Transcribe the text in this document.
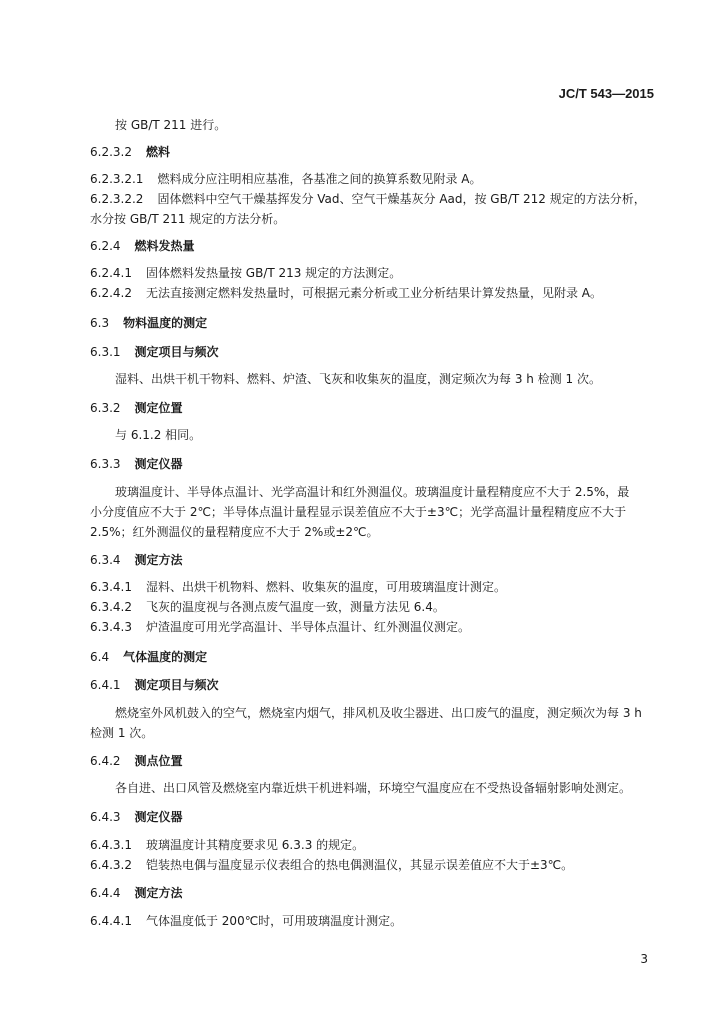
JC/T 543—2015
按 GB/T 211 进行。
6.2.3.2 燃料
6.2.3.2.1 燃料成分应注明相应基准，各基准之间的换算系数见附录 A。
6.2.3.2.2 固体燃料中空气干燥基挥发分 Vad、空气干燥基灰分 Aad，按 GB/T 212 规定的方法分析，
水分按 GB/T 211 规定的方法分析。
6.2.4 燃料发热量
6.2.4.1 固体燃料发热量按 GB/T 213 规定的方法测定。
6.2.4.2 无法直接测定燃料发热量时，可根据元素分析或工业分析结果计算发热量，见附录 A。
6.3 物料温度的测定
6.3.1 测定项目与频次
湿料、出烘干机干物料、燃料、炉渣、飞灰和收集灰的温度，测定频次为每 3 h 检测 1 次。
6.3.2 测定位置
与 6.1.2 相同。
6.3.3 测定仪器
玻璃温度计、半导体点温计、光学高温计和红外测温仪。玻璃温度计量程精度应不大于 2.5%，最
小分度值应不大于 2℃；半导体点温计量程显示误差值应不大于±3℃；光学高温计量程精度应不大于
2.5%；红外测温仪的量程精度应不大于 2%或±2℃。
6.3.4 测定方法
6.3.4.1 湿料、出烘干机物料、燃料、收集灰的温度，可用玻璃温度计测定。
6.3.4.2 飞灰的温度视与各测点废气温度一致，测量方法见 6.4。
6.3.4.3 炉渣温度可用光学高温计、半导体点温计、红外测温仪测定。
6.4 气体温度的测定
6.4.1 测定项目与频次
燃烧室外风机鼓入的空气，燃烧室内烟气，排风机及收尘器进、出口废气的温度，测定频次为每 3 h
检测 1 次。
6.4.2 测点位置
各自进、出口风管及燃烧室内靠近烘干机进料端，环境空气温度应在不受热设备辐射影响处测定。
6.4.3 测定仪器
6.4.3.1 玻璃温度计其精度要求见 6.3.3 的规定。
6.4.3.2 铠装热电偶与温度显示仪表组合的热电偶测温仪，其显示误差值应不大于±3℃。
6.4.4 测定方法
6.4.4.1 气体温度低于 200℃时，可用玻璃温度计测定。
3
